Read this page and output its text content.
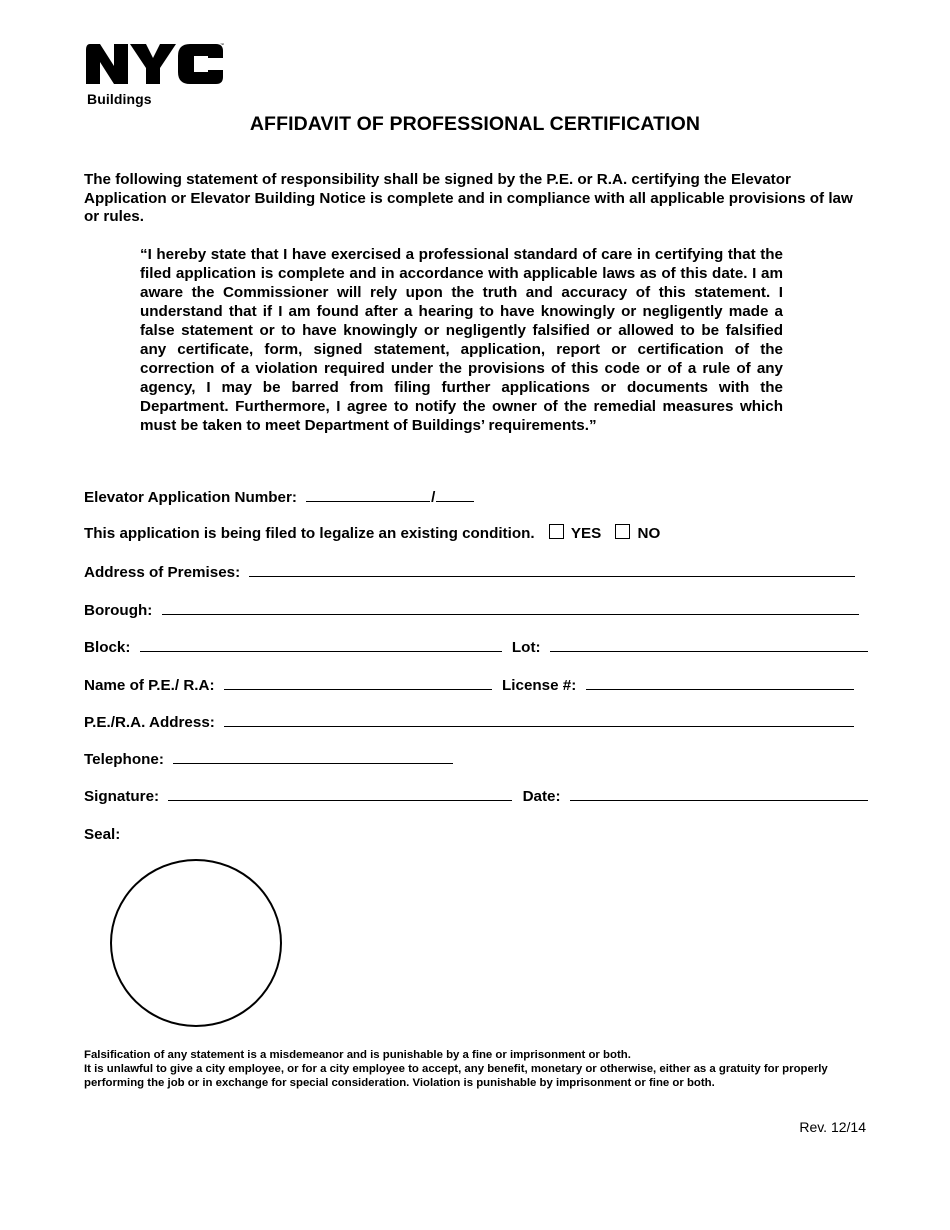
™
Buildings
AFFIDAVIT OF PROFESSIONAL CERTIFICATION
The following statement of responsibility shall be signed by the P.E. or R.A. certifying the Elevator Application or Elevator Building Notice is complete and in compliance with all applicable provisions of law or rules.
“I hereby state that I have exercised a professional standard of care in certifying that the filed application is complete and in accordance with applicable laws as of this date. I am aware the Commissioner will rely upon the truth and accuracy of this statement. I understand that if I am found after a hearing to have knowingly or negligently made a false statement or to have knowingly or negligently falsified or allowed to be falsified any certificate, form, signed statement, application, report or certification of the correction of a violation required under the provisions of this code or of a rule of any agency, I may be barred from filing further applications or documents with the Department. Furthermore, I agree to notify the owner of the remedial measures which must be taken to meet Department of Buildings’ requirements.”
Elevator Application Number:	/
This application is being filed to legalize an existing condition. YES NO
Address of Premises:
Borough:
Block:	Lot:
Name of P.E./ R.A:	License #:
P.E./R.A. Address:
Telephone:
Signature:	Date:
Seal:
Falsification of any statement is a misdemeanor and is punishable by a fine or imprisonment or both.
It is unlawful to give a city employee, or for a city employee to accept, any benefit, monetary or otherwise, either as a gratuity for properly performing the job or in exchange for special consideration. Violation is punishable by imprisonment or fine or both.
Rev. 12/14
